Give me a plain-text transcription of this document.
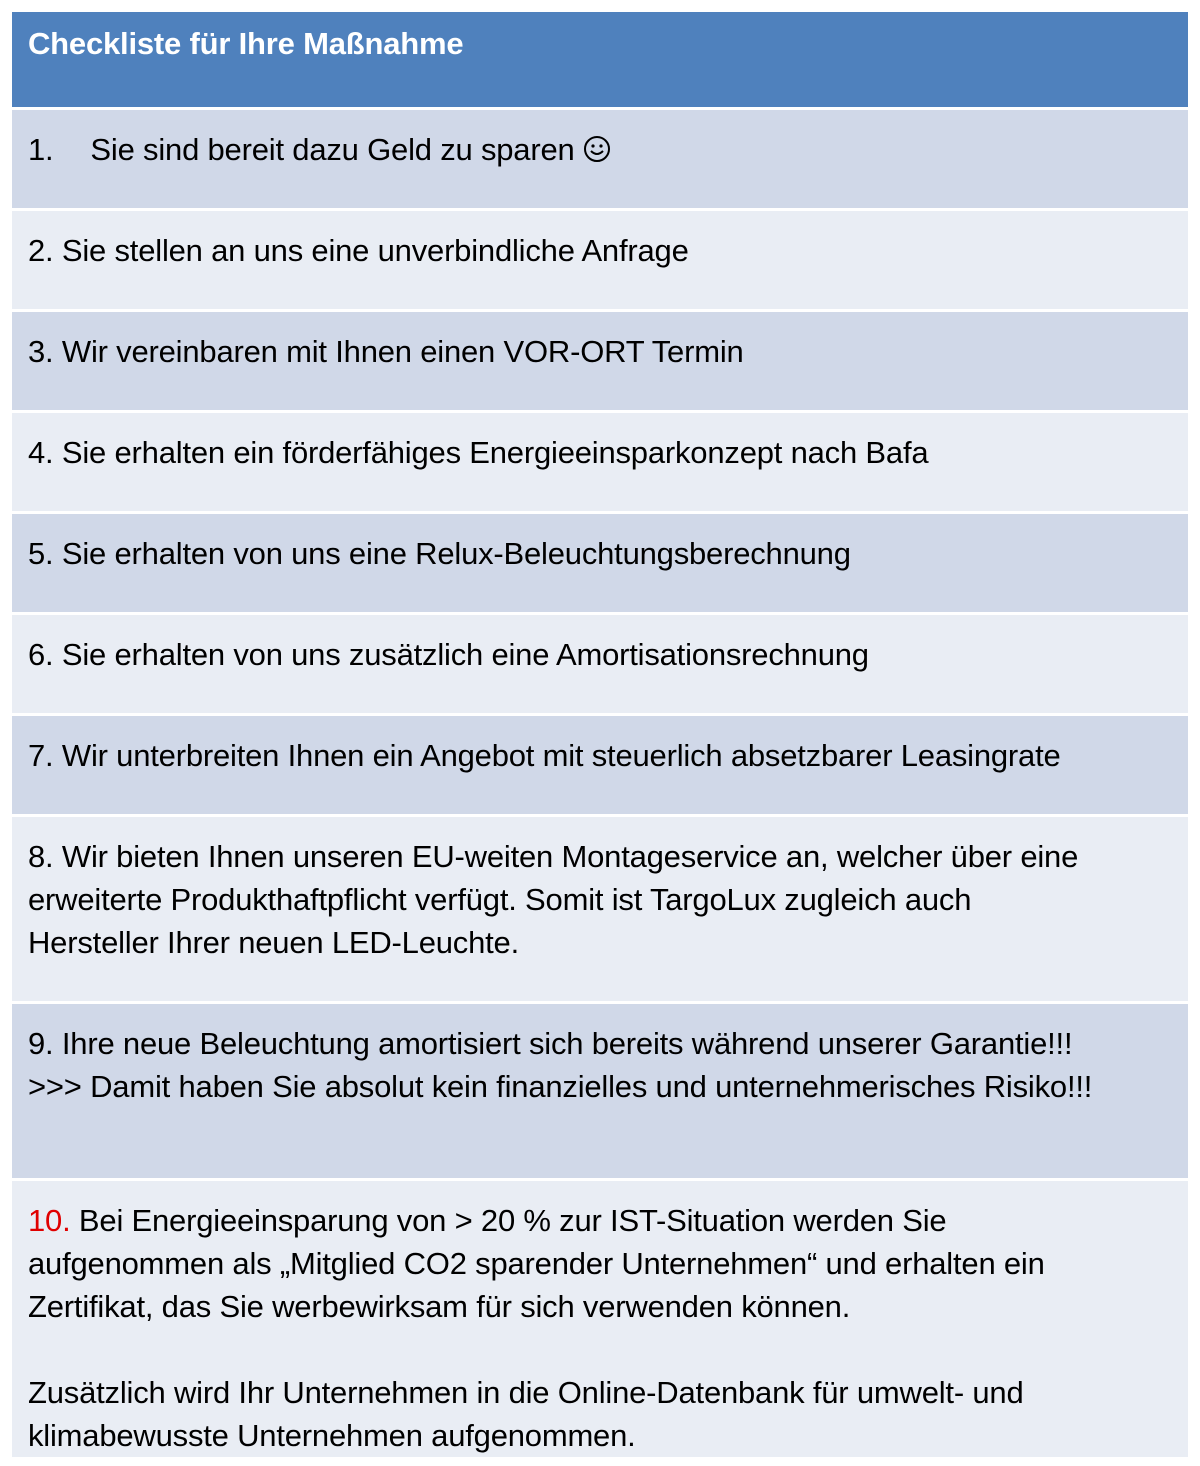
Checkliste für Ihre Maßnahme
1. Sie sind bereit dazu Geld zu sparen
2. Sie stellen an uns eine unverbindliche Anfrage
3. Wir vereinbaren mit Ihnen einen VOR-ORT Termin
4. Sie erhalten ein förderfähiges Energieeinsparkonzept nach Bafa
5. Sie erhalten von uns eine Relux-Beleuchtungsberechnung
6. Sie erhalten von uns zusätzlich eine Amortisationsrechnung
7. Wir unterbreiten Ihnen ein Angebot mit steuerlich absetzbarer Leasingrate
8. Wir bieten Ihnen unseren EU-weiten Montageservice an, welcher über eine
erweiterte Produkthaftpflicht verfügt. Somit ist TargoLux zugleich auch
Hersteller Ihrer neuen LED-Leuchte.
9. Ihre neue Beleuchtung amortisiert sich bereits während unserer Garantie!!!
>>> Damit haben Sie absolut kein finanzielles und unternehmerisches Risiko!!!
10. Bei Energieeinsparung von > 20 % zur IST-Situation werden Sie
aufgenommen als „Mitglied CO2 sparender Unternehmen“ und erhalten ein
Zertifikat, das Sie werbewirksam für sich verwenden können.
Zusätzlich wird Ihr Unternehmen in die Online-Datenbank für umwelt- und
klimabewusste Unternehmen aufgenommen.
